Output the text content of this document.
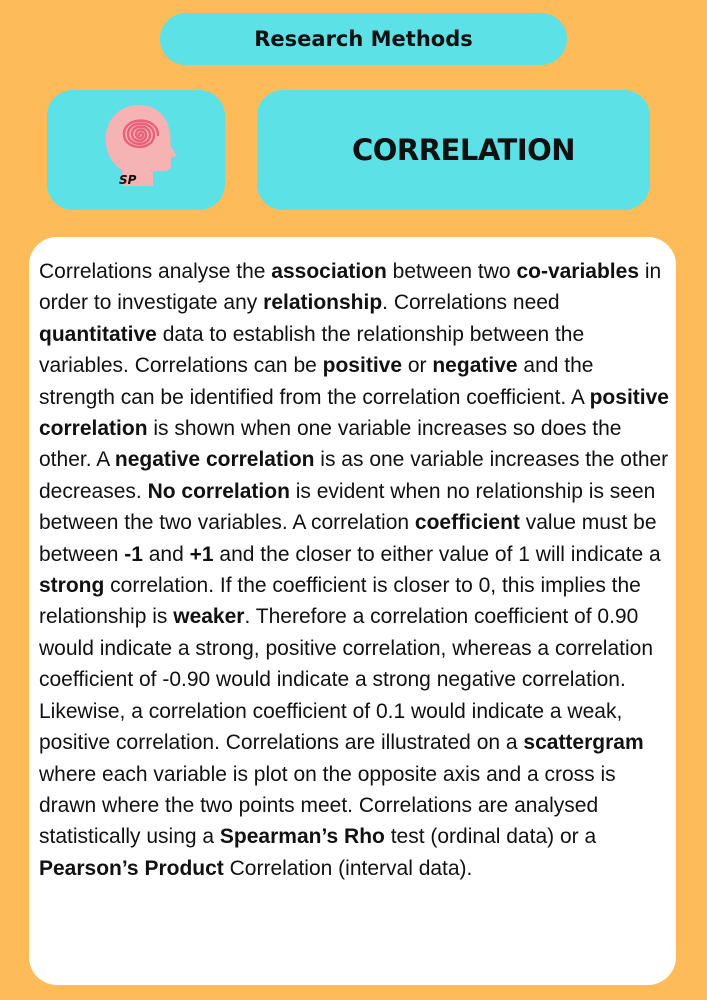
Research Methods
SP
CORRELATION
Correlations analyse the association between two co-variables in order to investigate any relationship. Correlations need quantitative data to establish the relationship between the variables. Correlations can be positive or negative and the strength can be identified from the correlation coefficient. A positive correlation is shown when one variable increases so does the other. A negative correlation is as one variable increases the other decreases. No correlation is evident when no relationship is seen between the two variables. A correlation coefficient value must be between -1 and +1 and the closer to either value of 1 will indicate a strong correlation. If the coefficient is closer to 0, this implies the relationship is weaker. Therefore a correlation coefficient of 0.90 would indicate a strong, positive correlation, whereas a correlation coefficient of -0.90 would indicate a strong negative correlation. Likewise, a correlation coefficient of 0.1 would indicate a weak, positive correlation. Correlations are illustrated on a scattergram where each variable is plot on the opposite axis and a cross is drawn where the two points meet. Correlations are analysed statistically using a Spearman’s Rho test (ordinal data) or a Pearson’s Product Correlation (interval data).
